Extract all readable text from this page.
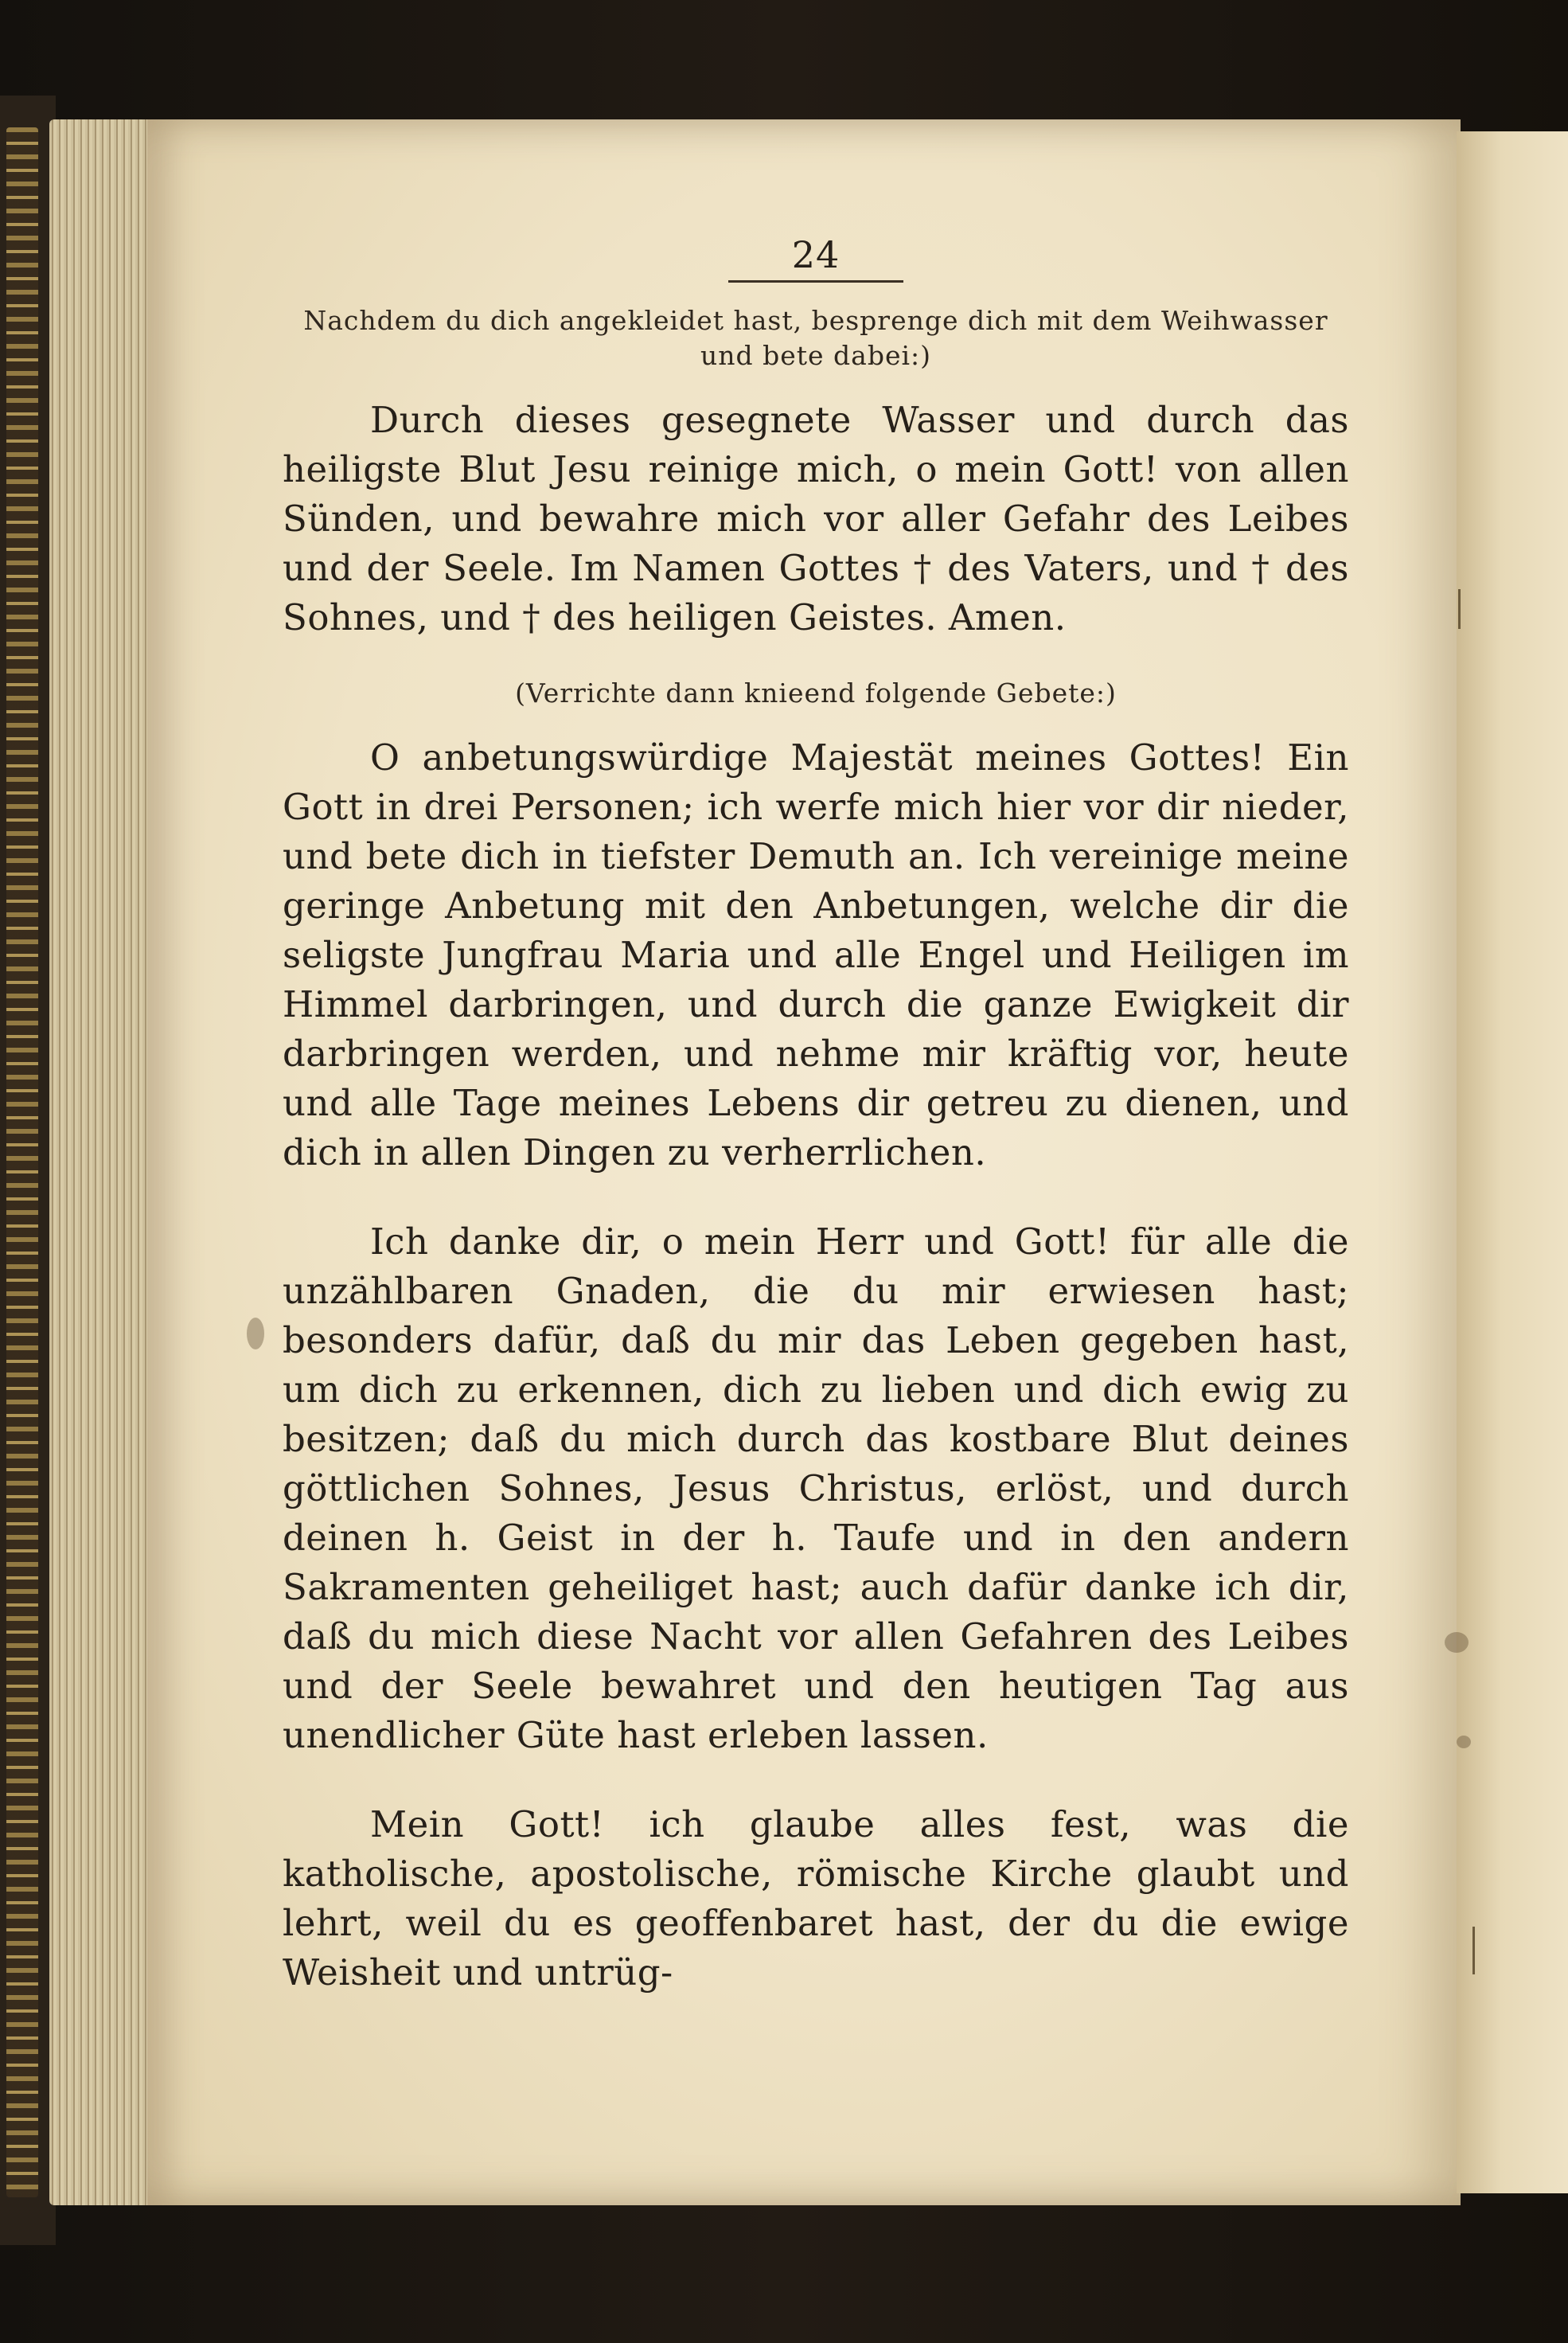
24

Nachdem du dich angekleidet hast, besprenge dich mit dem Weihwasser und bete dabei:)

Durch dieses gesegnete Wasser und durch das heiligste Blut Jesu reinige mich, o mein Gott! von allen Sünden, und bewahre mich vor aller Gefahr des Leibes und der Seele. Im Namen Gottes † des Vaters, und † des Sohnes, und † des heiligen Geistes. Amen.

(Verrichte dann knieend folgende Gebete:)

O anbetungswürdige Majestät meines Gottes! Ein Gott in drei Personen; ich werfe mich hier vor dir nieder, und bete dich in tiefster Demuth an. Ich vereinige meine geringe Anbetung mit den Anbetungen, welche dir die seligste Jungfrau Maria und alle Engel und Heiligen im Himmel darbringen, und durch die ganze Ewigkeit dir darbringen werden, und nehme mir kräftig vor, heute und alle Tage meines Lebens dir getreu zu dienen, und dich in allen Dingen zu verherrlichen.

Ich danke dir, o mein Herr und Gott! für alle die unzählbaren Gnaden, die du mir erwiesen hast; besonders dafür, daß du mir das Leben gegeben hast, um dich zu erkennen, dich zu lieben und dich ewig zu besitzen; daß du mich durch das kostbare Blut deines göttlichen Sohnes, Jesus Christus, erlöst, und durch deinen h. Geist in der h. Taufe und in den andern Sakramenten geheiliget hast; auch dafür danke ich dir, daß du mich diese Nacht vor allen Gefahren des Leibes und der Seele bewahret und den heutigen Tag aus unendlicher Güte hast erleben lassen.

Mein Gott! ich glaube alles fest, was die katholische, apostolische, römische Kirche glaubt und lehrt, weil du es geoffenbaret hast, der du die ewige Weisheit und untrüg-
